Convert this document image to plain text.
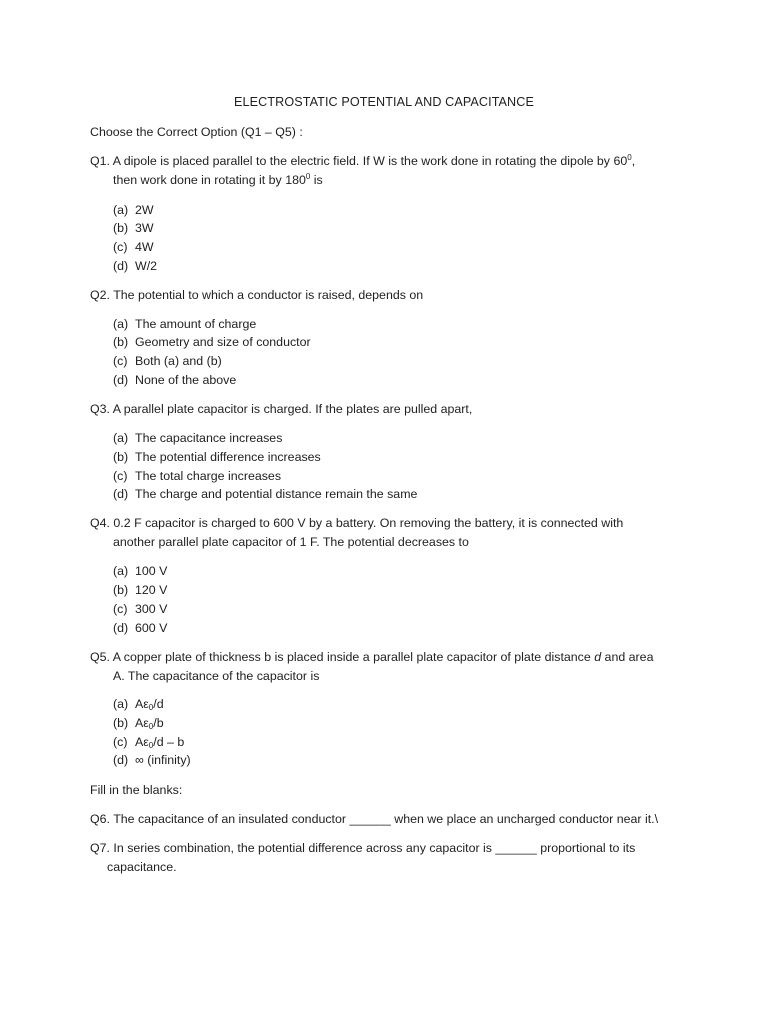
ELECTROSTATIC POTENTIAL AND CAPACITANCE
Choose the Correct Option (Q1 – Q5) :
Q1. A dipole is placed parallel to the electric field. If W is the work done in rotating the dipole by $60^0$,
then work done in rotating it by $180^0$ is
(a) 2W
(b) 3W
(c) 4W
(d) W/2
Q2. The potential to which a conductor is raised, depends on
(a) The amount of charge
(b) Geometry and size of conductor
(c) Both (a) and (b)
(d) None of the above
Q3. A parallel plate capacitor is charged. If the plates are pulled apart,
(a) The capacitance increases
(b) The potential difference increases
(c) The total charge increases
(d) The charge and potential distance remain the same
Q4. 0.2 F capacitor is charged to 600 V by a battery. On removing the battery, it is connected with
another parallel plate capacitor of 1 F. The potential decreases to
(a) 100 V
(b) 120 V
(c) 300 V
(d) 600 V
Q5. A copper plate of thickness b is placed inside a parallel plate capacitor of plate distance d and area
A. The capacitance of the capacitor is
(a) $A\varepsilon_0/d$
(b) $A\varepsilon_0/b$
(c) $A\varepsilon_0/d$ – b
(d) ∞ (infinity)
Fill in the blanks:
Q6. The capacitance of an insulated conductor ______ when we place an uncharged conductor near it.\
Q7. In series combination, the potential difference across any capacitor is ______ proportional to its
capacitance.
